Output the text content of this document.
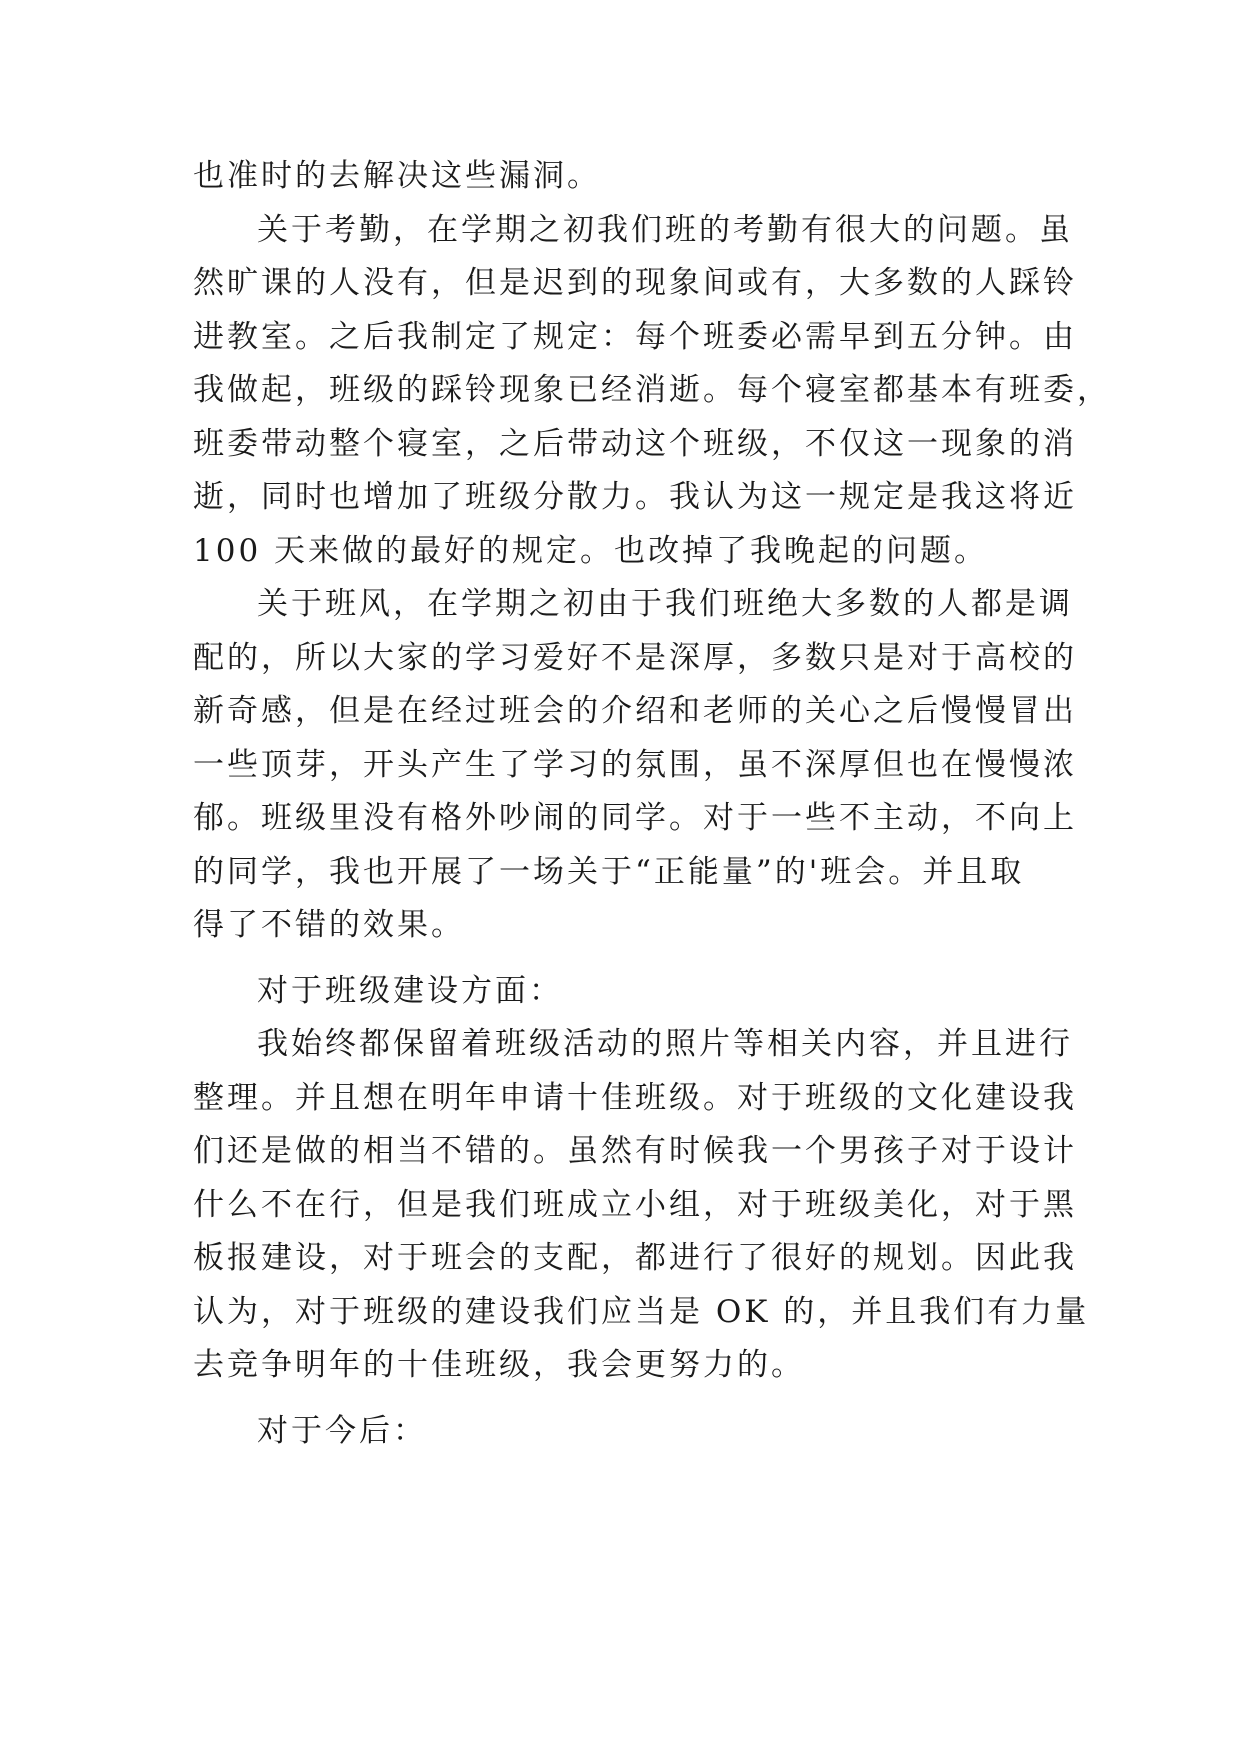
也准时的去解决这些漏洞。
关于考勤，在学期之初我们班的考勤有很大的问题。虽
然旷课的人没有，但是迟到的现象间或有，大多数的人踩铃
进教室。之后我制定了规定：每个班委必需早到五分钟。由
我做起，班级的踩铃现象已经消逝。每个寝室都基本有班委，
班委带动整个寝室，之后带动这个班级，不仅这一现象的消
逝，同时也增加了班级分散力。我认为这一规定是我这将近
100 天来做的最好的规定。也改掉了我晚起的问题。
关于班风，在学期之初由于我们班绝大多数的人都是调
配的，所以大家的学习爱好不是深厚，多数只是对于高校的
新奇感，但是在经过班会的介绍和老师的关心之后慢慢冒出
一些顶芽，开头产生了学习的氛围，虽不深厚但也在慢慢浓
郁。班级里没有格外吵闹的同学。对于一些不主动，不向上
的同学，我也开展了一场关于“正能量”的'班会。并且取
得了不错的效果。
对于班级建设方面：
我始终都保留着班级活动的照片等相关内容，并且进行
整理。并且想在明年申请十佳班级。对于班级的文化建设我
们还是做的相当不错的。虽然有时候我一个男孩子对于设计
什么不在行，但是我们班成立小组，对于班级美化，对于黑
板报建设，对于班会的支配，都进行了很好的规划。因此我
认为，对于班级的建设我们应当是 OK 的，并且我们有力量
去竞争明年的十佳班级，我会更努力的。
对于今后：
